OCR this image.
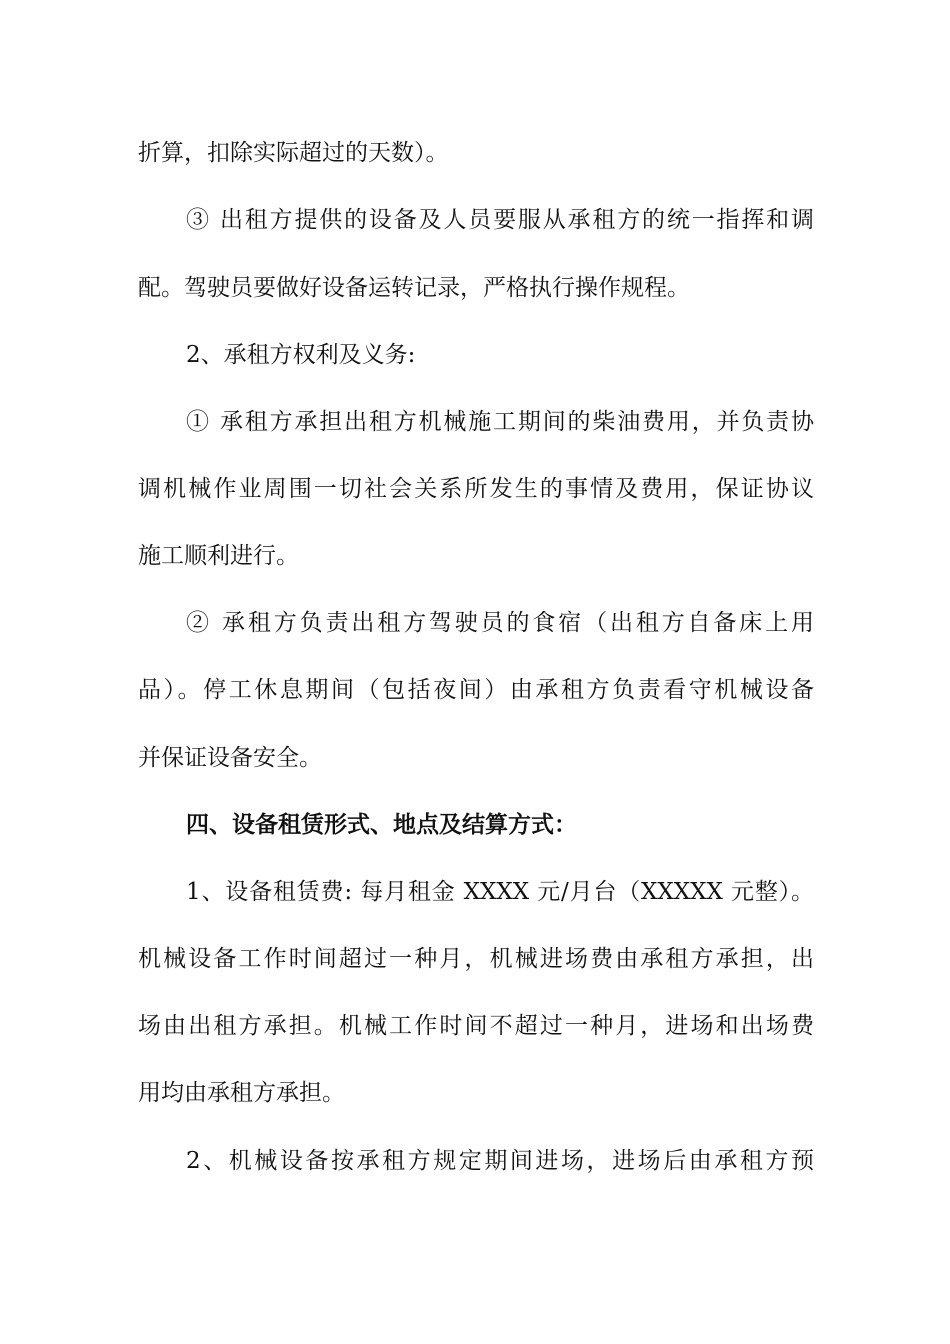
折算，扣除实际超过的天数）。
③ 出租方提供的设备及人员要服从承租方的统一指挥和调
配。驾驶员要做好设备运转记录，严格执行操作规程。
2、承租方权利及义务:
① 承租方承担出租方机械施工期间的柴油费用，并负责协
调机械作业周围一切社会关系所发生的事情及费用，保证协议
施工顺利进行。
② 承租方负责出租方驾驶员的食宿（出租方自备床上用
品）。停工休息期间（包括夜间）由承租方负责看守机械设备
并保证设备安全。
四、设备租赁形式、地点及结算方式：
1、设备租赁费: 每月租金 XXXX 元/月台（XXXXX 元整）。
机械设备工作时间超过一种月，机械进场费由承租方承担，出
场由出租方承担。机械工作时间不超过一种月，进场和出场费
用均由承租方承担。
2、机械设备按承租方规定期间进场，进场后由承租方预
